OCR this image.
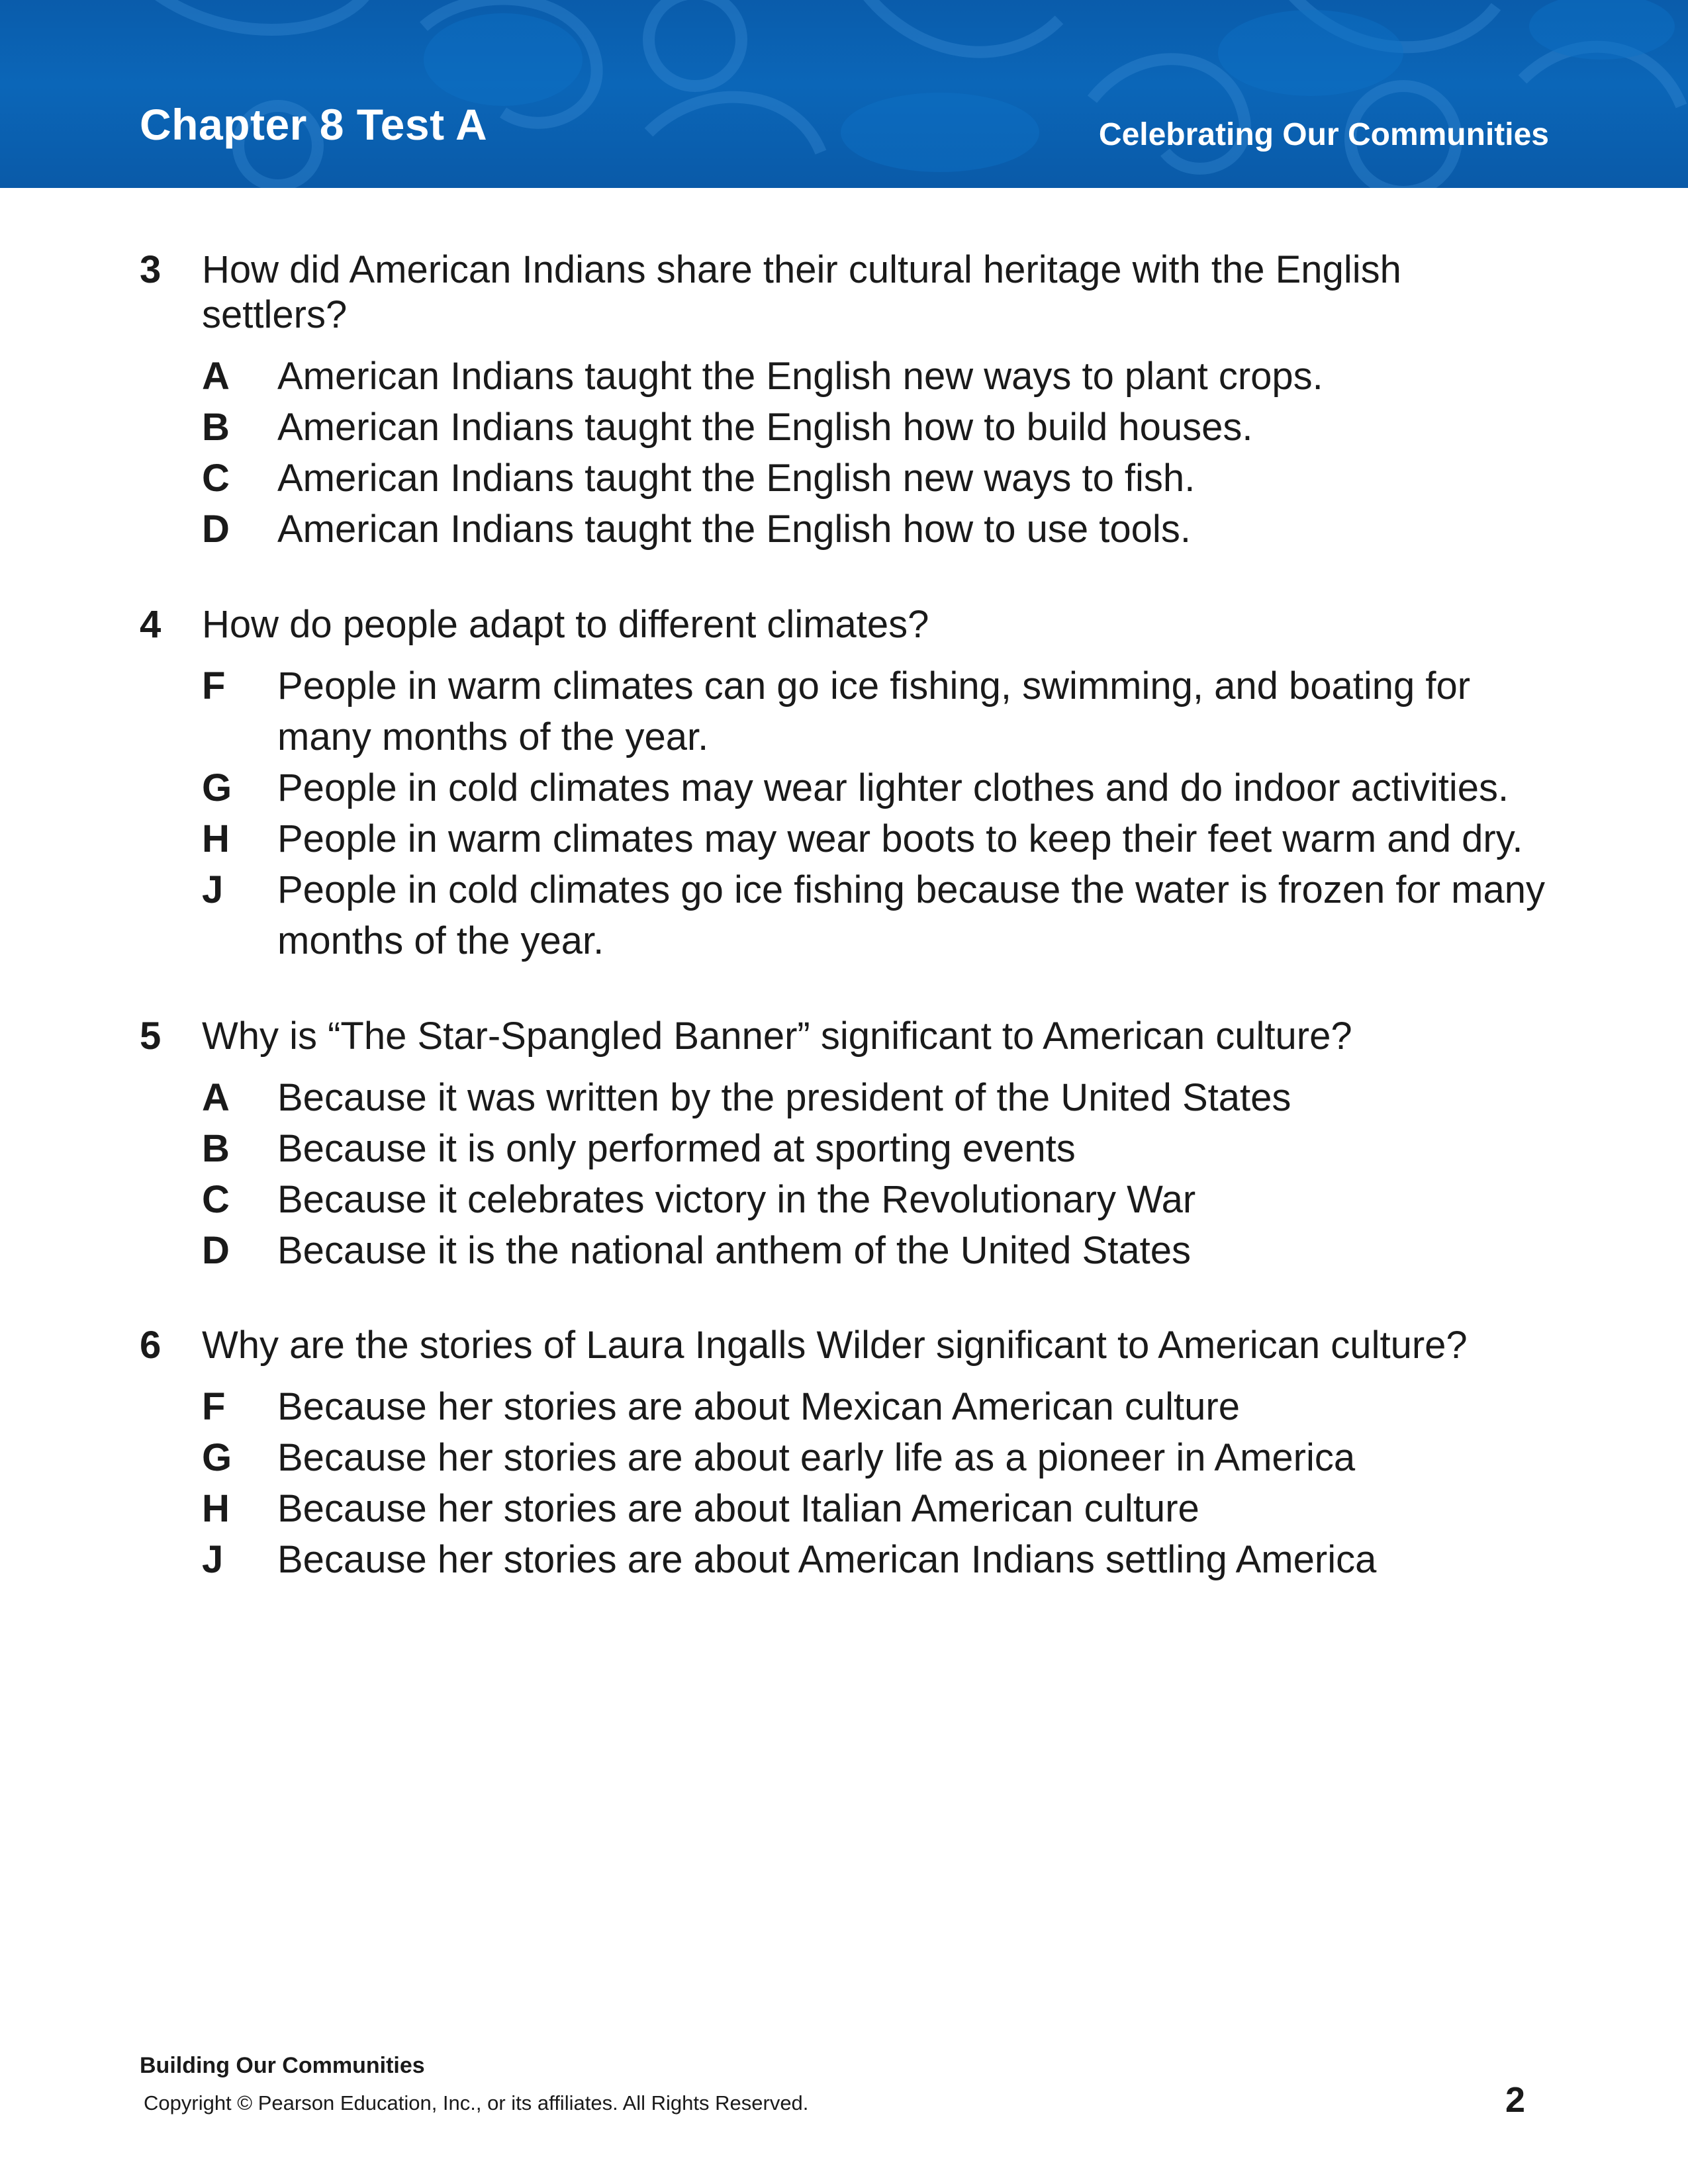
Chapter 8 Test A	Celebrating Our Communities
3	How did American Indians share their cultural heritage with the English settlers?
A American Indians taught the English new ways to plant crops.
B American Indians taught the English how to build houses.
C American Indians taught the English new ways to fish.
D American Indians taught the English how to use tools.
4	How do people adapt to different climates?
F People in warm climates can go ice fishing, swimming, and boating for many months of the year.
G People in cold climates may wear lighter clothes and do indoor activities.
H People in warm climates may wear boots to keep their feet warm and dry.
J People in cold climates go ice fishing because the water is frozen for many months of the year.
5	Why is “The Star-Spangled Banner” significant to American culture?
A Because it was written by the president of the United States
B Because it is only performed at sporting events
C Because it celebrates victory in the Revolutionary War
D Because it is the national anthem of the United States
6	Why are the stories of Laura Ingalls Wilder significant to American culture?
F Because her stories are about Mexican American culture
G Because her stories are about early life as a pioneer in America
H Because her stories are about Italian American culture
J Because her stories are about American Indians settling America
Building Our Communities
Copyright © Pearson Education, Inc., or its affiliates. All Rights Reserved.	2
